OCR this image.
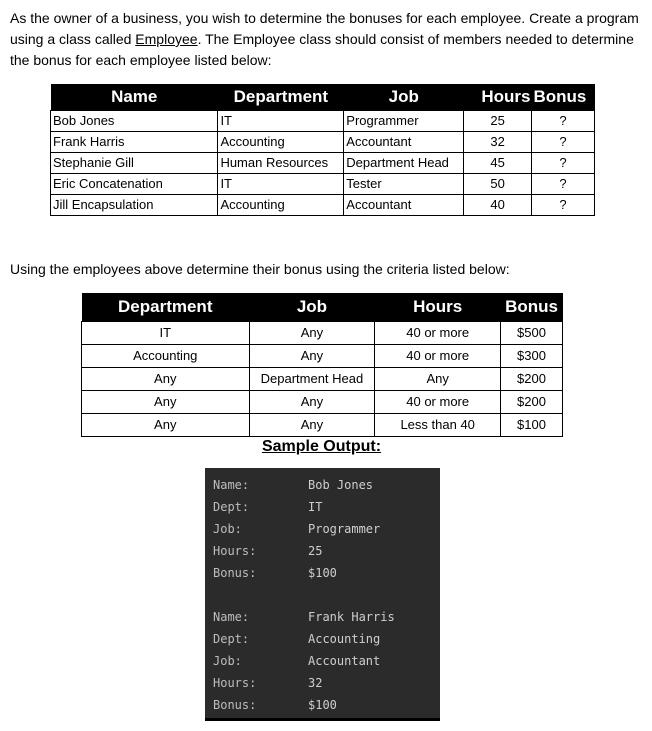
As the owner of a business, you wish to determine the bonuses for each employee. Create a program using a class called Employee. The Employee class should consist of members needed to determine the bonus for each employee listed below:
Name	Department	Job	Hours	Bonus
Bob Jones	IT	Programmer	25	?
Frank Harris	Accounting	Accountant	32	?
Stephanie Gill	Human Resources	Department Head	45	?
Eric Concatenation	IT	Tester	50	?
Jill Encapsulation	Accounting	Accountant	40	?
Using the employees above determine their bonus using the criteria listed below:
Department	Job	Hours	Bonus
IT	Any	40 or more	$500
Accounting	Any	40 or more	$300
Any	Department Head	Any	$200
Any	Any	40 or more	$200
Any	Any	Less than 40	$100
Sample Output:
Name:	Bob Jones
Dept:	IT
Job:	Programmer
Hours:	25
Bonus:	$100
Name:	Frank Harris
Dept:	Accounting
Job:	Accountant
Hours:	32
Bonus:	$100
